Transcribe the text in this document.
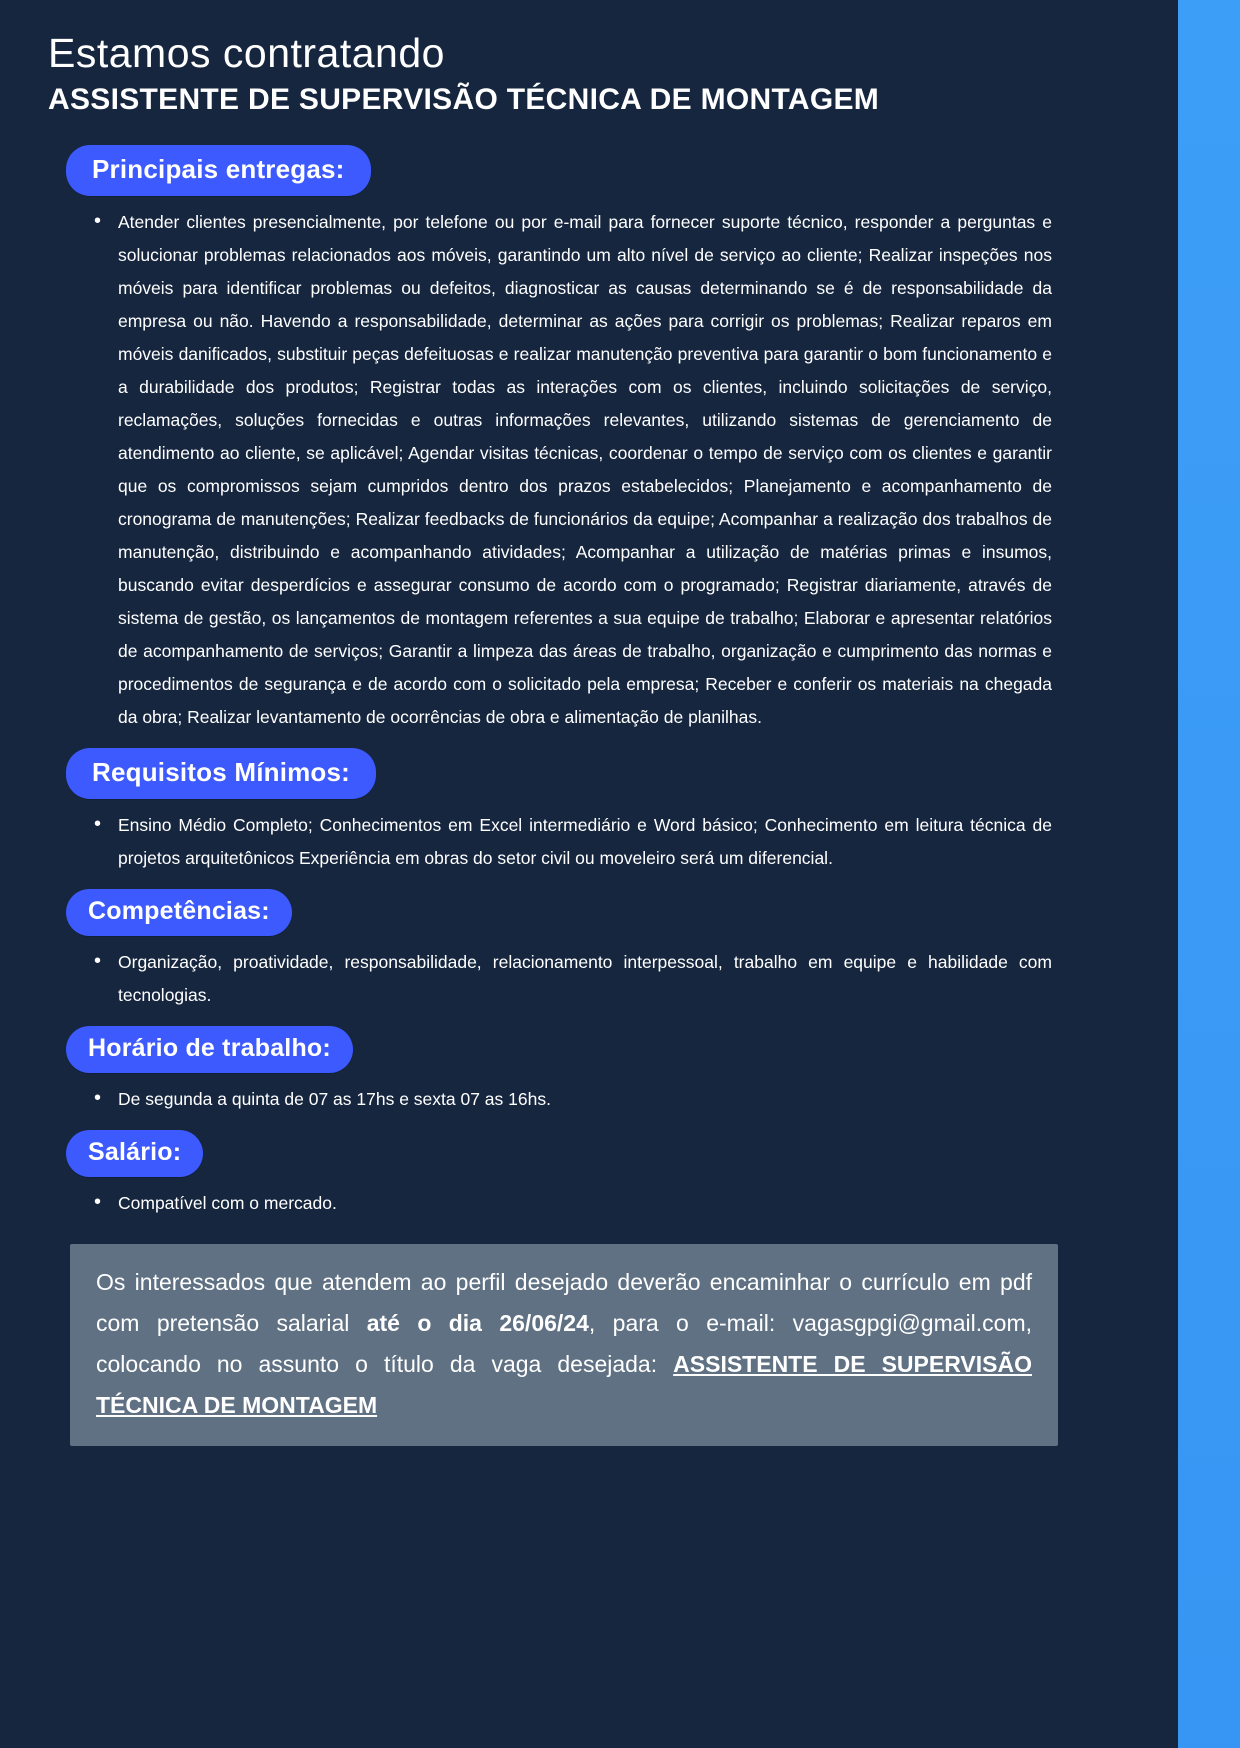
Estamos contratando
ASSISTENTE DE SUPERVISÃO TÉCNICA DE MONTAGEM
Principais entregas:
• Atender clientes presencialmente, por telefone ou por e-mail para fornecer suporte técnico, responder a perguntas e solucionar problemas relacionados aos móveis, garantindo um alto nível de serviço ao cliente; Realizar inspeções nos móveis para identificar problemas ou defeitos, diagnosticar as causas determinando se é de responsabilidade da empresa ou não. Havendo a responsabilidade, determinar as ações para corrigir os problemas; Realizar reparos em móveis danificados, substituir peças defeituosas e realizar manutenção preventiva para garantir o bom funcionamento e a durabilidade dos produtos; Registrar todas as interações com os clientes, incluindo solicitações de serviço, reclamações, soluções fornecidas e outras informações relevantes, utilizando sistemas de gerenciamento de atendimento ao cliente, se aplicável; Agendar visitas técnicas, coordenar o tempo de serviço com os clientes e garantir que os compromissos sejam cumpridos dentro dos prazos estabelecidos; Planejamento e acompanhamento de cronograma de manutenções; Realizar feedbacks de funcionários da equipe; Acompanhar a realização dos trabalhos de manutenção, distribuindo e acompanhando atividades; Acompanhar a utilização de matérias primas e insumos, buscando evitar desperdícios e assegurar consumo de acordo com o programado; Registrar diariamente, através de sistema de gestão, os lançamentos de montagem referentes a sua equipe de trabalho; Elaborar e apresentar relatórios de acompanhamento de serviços; Garantir a limpeza das áreas de trabalho, organização e cumprimento das normas e procedimentos de segurança e de acordo com o solicitado pela empresa; Receber e conferir os materiais na chegada da obra; Realizar levantamento de ocorrências de obra e alimentação de planilhas.
Requisitos Mínimos:
• Ensino Médio Completo; Conhecimentos em Excel intermediário e Word básico; Conhecimento em leitura técnica de projetos arquitetônicos Experiência em obras do setor civil ou moveleiro será um diferencial.
Competências:
• Organização, proatividade, responsabilidade, relacionamento interpessoal, trabalho em equipe e habilidade com tecnologias.
Horário de trabalho:
• De segunda a quinta de 07 as 17hs e sexta 07 as 16hs.
Salário:
• Compatível com o mercado.

Os interessados que atendem ao perfil desejado deverão encaminhar o currículo em pdf com pretensão salarial até o dia 26/06/24, para o e-mail: vagasgpgi@gmail.com, colocando no assunto o título da vaga desejada: ASSISTENTE DE SUPERVISÃO TÉCNICA DE MONTAGEM
